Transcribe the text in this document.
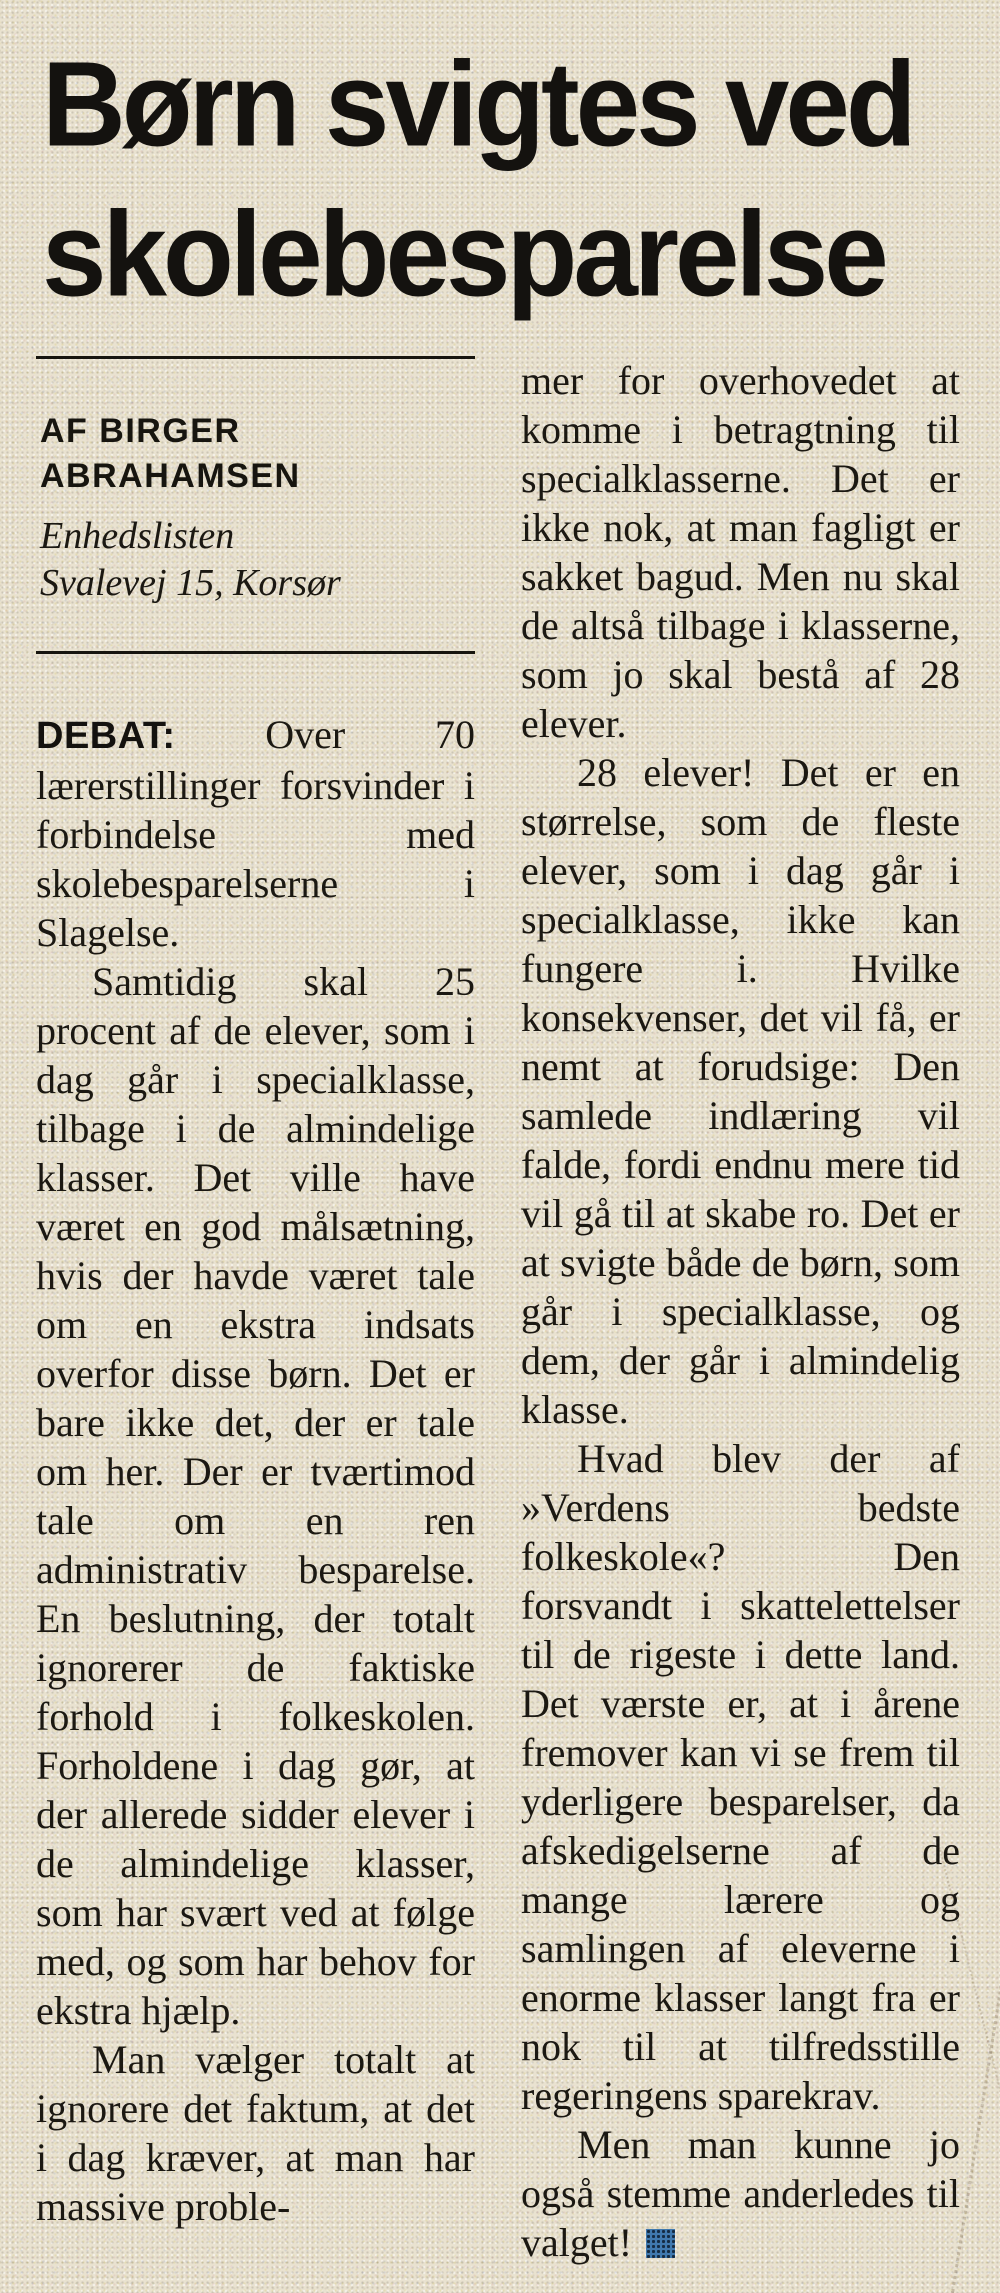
Børn svigtes ved
skolebesparelse
AF BIRGER
ABRAHAMSEN
Enhedslisten
Svalevej 15, Korsør

DEBAT: Over 70 lærerstillinger forsvinder i forbindelse med skolebesparelserne i Slagelse.

Samtidig skal 25 procent af de elever, som i dag går i specialklasse, tilbage i de almindelige klasser. Det ville have været en god målsætning, hvis der havde været tale om en ekstra indsats overfor disse børn. Det er bare ikke det, der er tale om her. Der er tværtimod tale om en ren administrativ besparelse. En beslutning, der totalt ignorerer de faktiske forhold i folkeskolen. Forholdene i dag gør, at der allerede sidder elever i de almindelige klasser, som har svært ved at følge med, og som har behov for ekstra hjælp.

Man vælger totalt at ignorere det faktum, at det i dag kræver, at man har massive proble-

mer for overhovedet at komme i betragtning til specialklasserne. Det er ikke nok, at man fagligt er sakket bagud. Men nu skal de altså tilbage i klasserne, som jo skal bestå af 28 elever.

28 elever! Det er en størrelse, som de fleste elever, som i dag går i specialklasse, ikke kan fungere i. Hvilke konsekvenser, det vil få, er nemt at forudsige: Den samlede indlæring vil falde, fordi endnu mere tid vil gå til at skabe ro. Det er at svigte både de børn, som går i specialklasse, og dem, der går i almindelig klasse.

Hvad blev der af »Verdens bedste folkeskole«? Den forsvandt i skattelettelser til de rigeste i dette land. Det værste er, at i årene fremover kan vi se frem til yderligere besparelser, da afskedigelserne af de mange lærere og samlingen af eleverne i enorme klasser langt fra er nok til at tilfredsstille regeringens sparekrav.

Men man kunne jo også stemme anderledes til valget!
